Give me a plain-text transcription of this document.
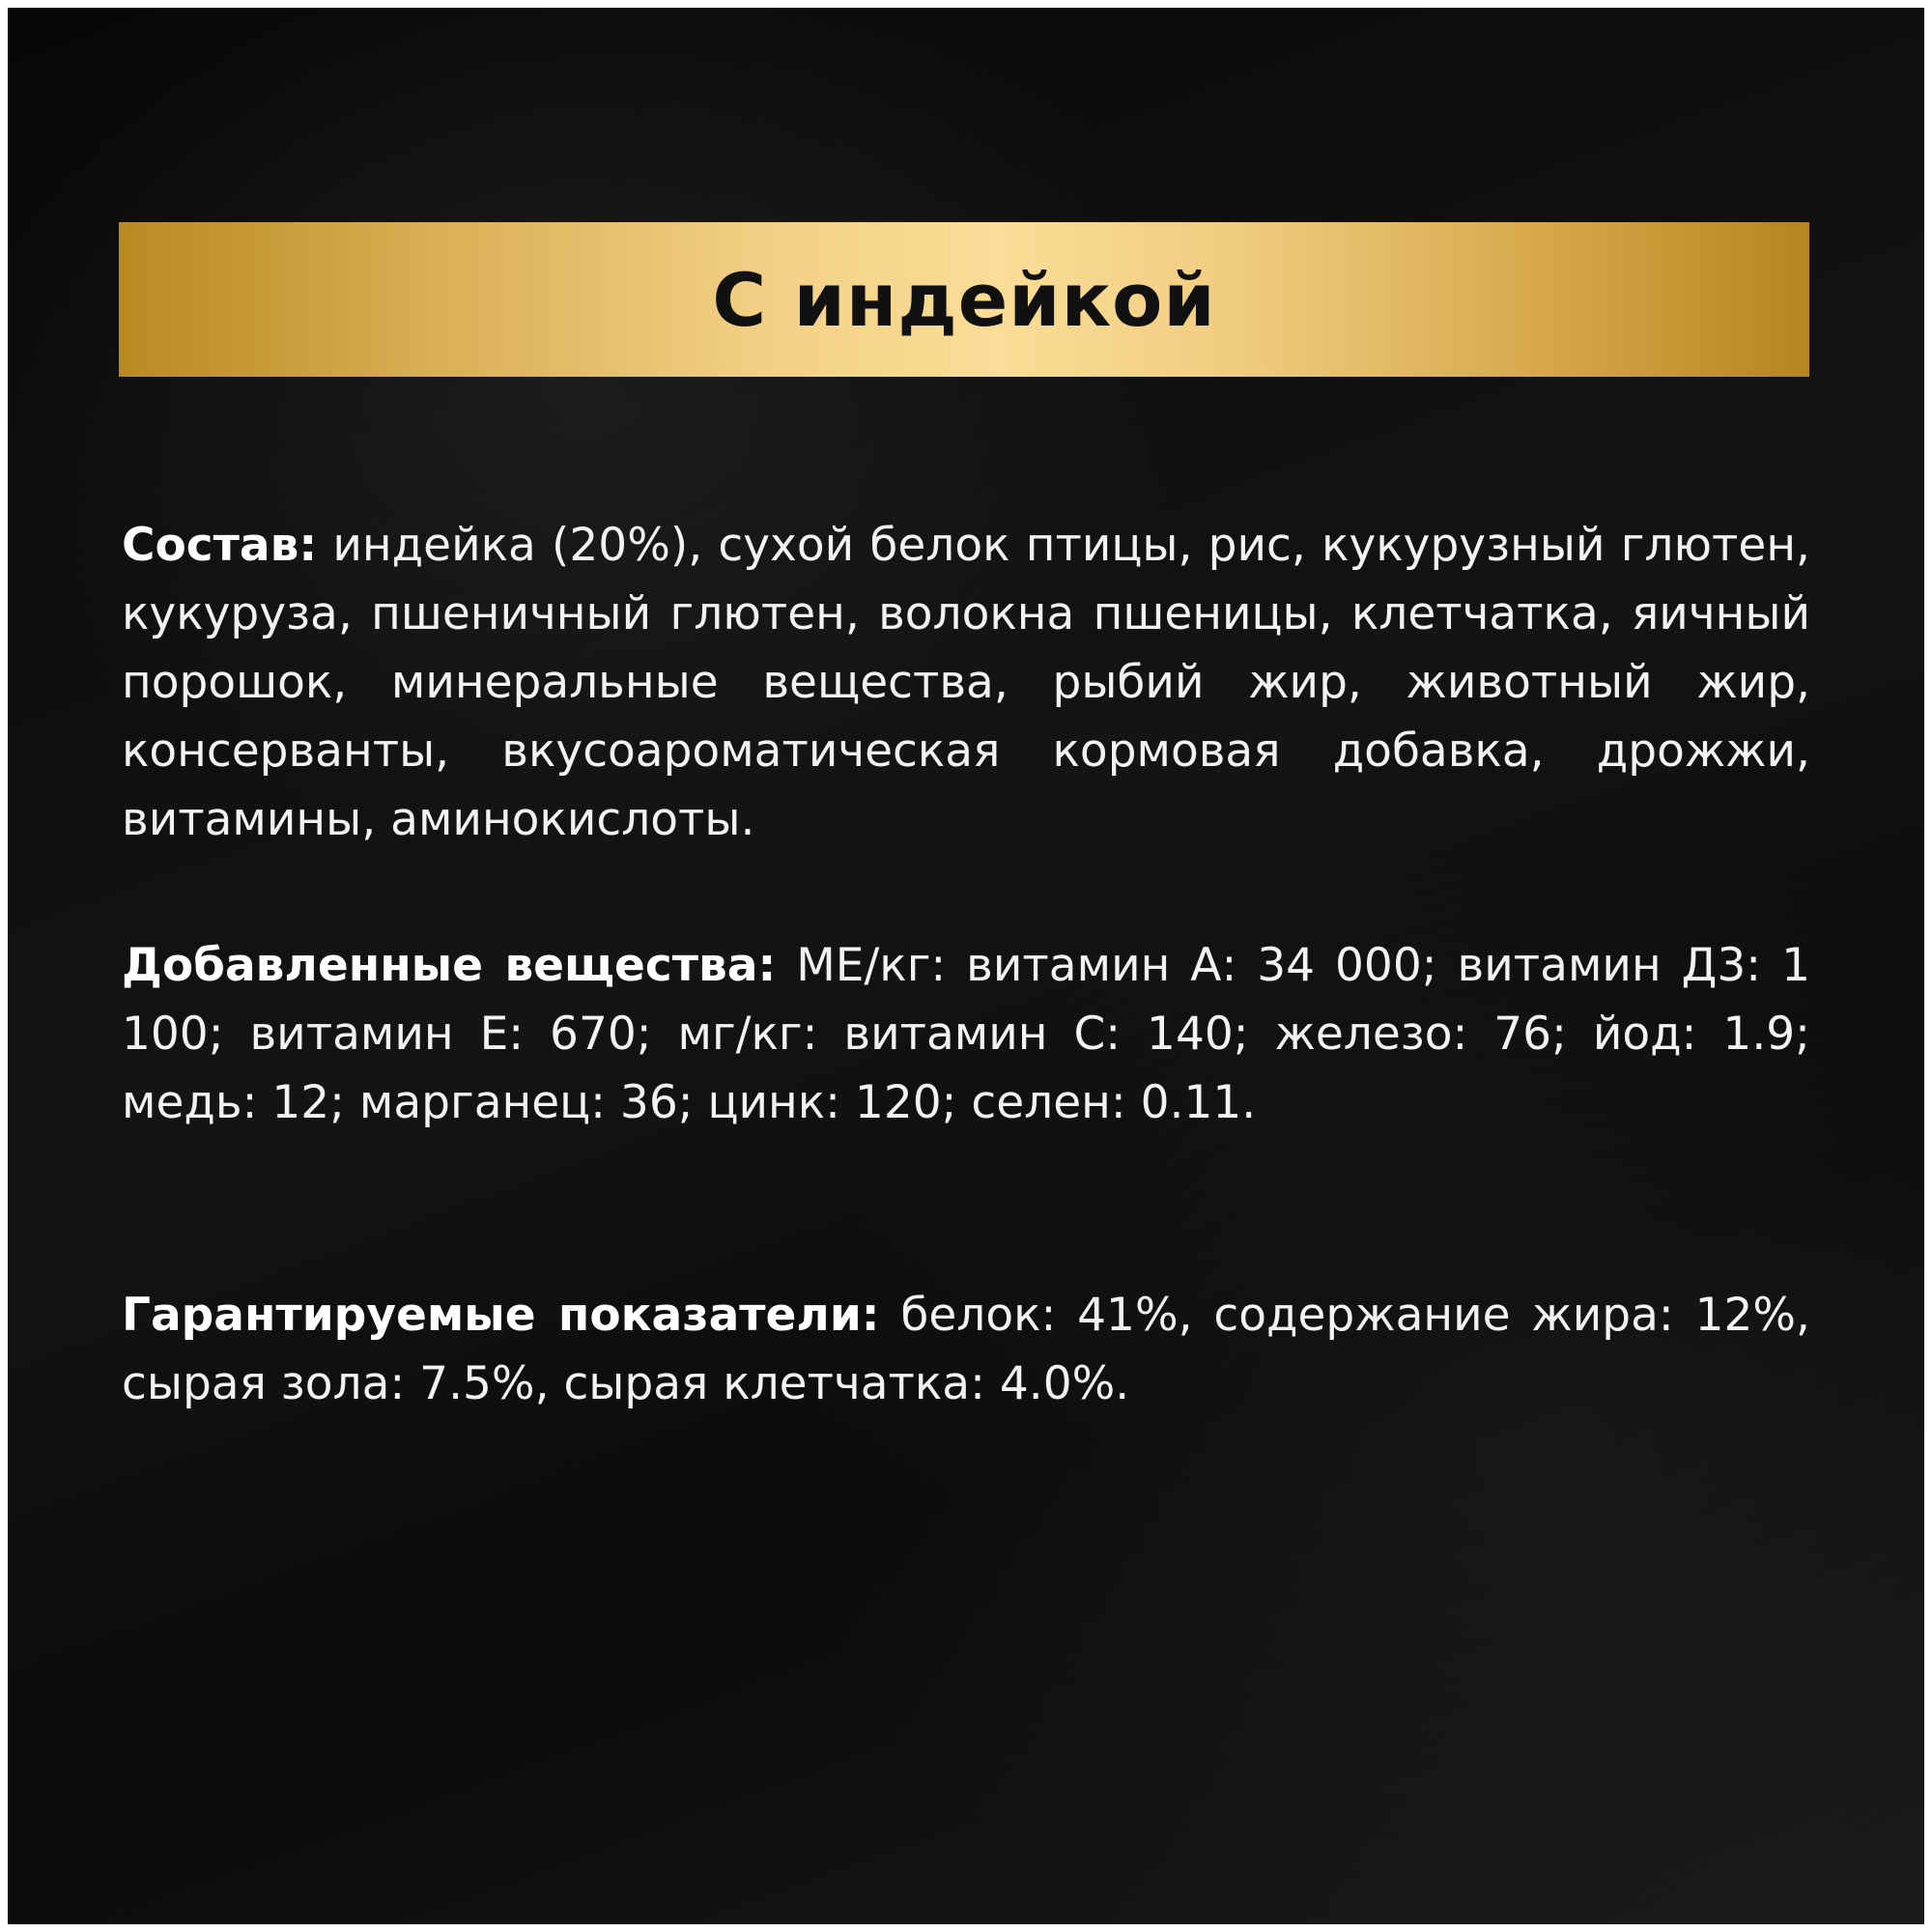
С индейкой

Состав: индейка (20%), сухой белок птицы, рис, кукурузный глютен, кукуруза, пшеничный глютен, волокна пшеницы, клетчатка, яичный порошок, минеральные вещества, рыбий жир, животный жир, консерванты, вкусоароматическая кормовая добавка, дрожжи, витамины, аминокислоты.

Добавленные вещества: МЕ/кг: витамин А: 34 000; витамин Д3: 1 100; витамин Е: 670; мг/кг: витамин С: 140; железо: 76; йод: 1.9; медь: 12; марганец: 36; цинк: 120; селен: 0.11.

Гарантируемые показатели: белок: 41%, содержание жира: 12%, сырая зола: 7.5%, сырая клетчатка: 4.0%.
